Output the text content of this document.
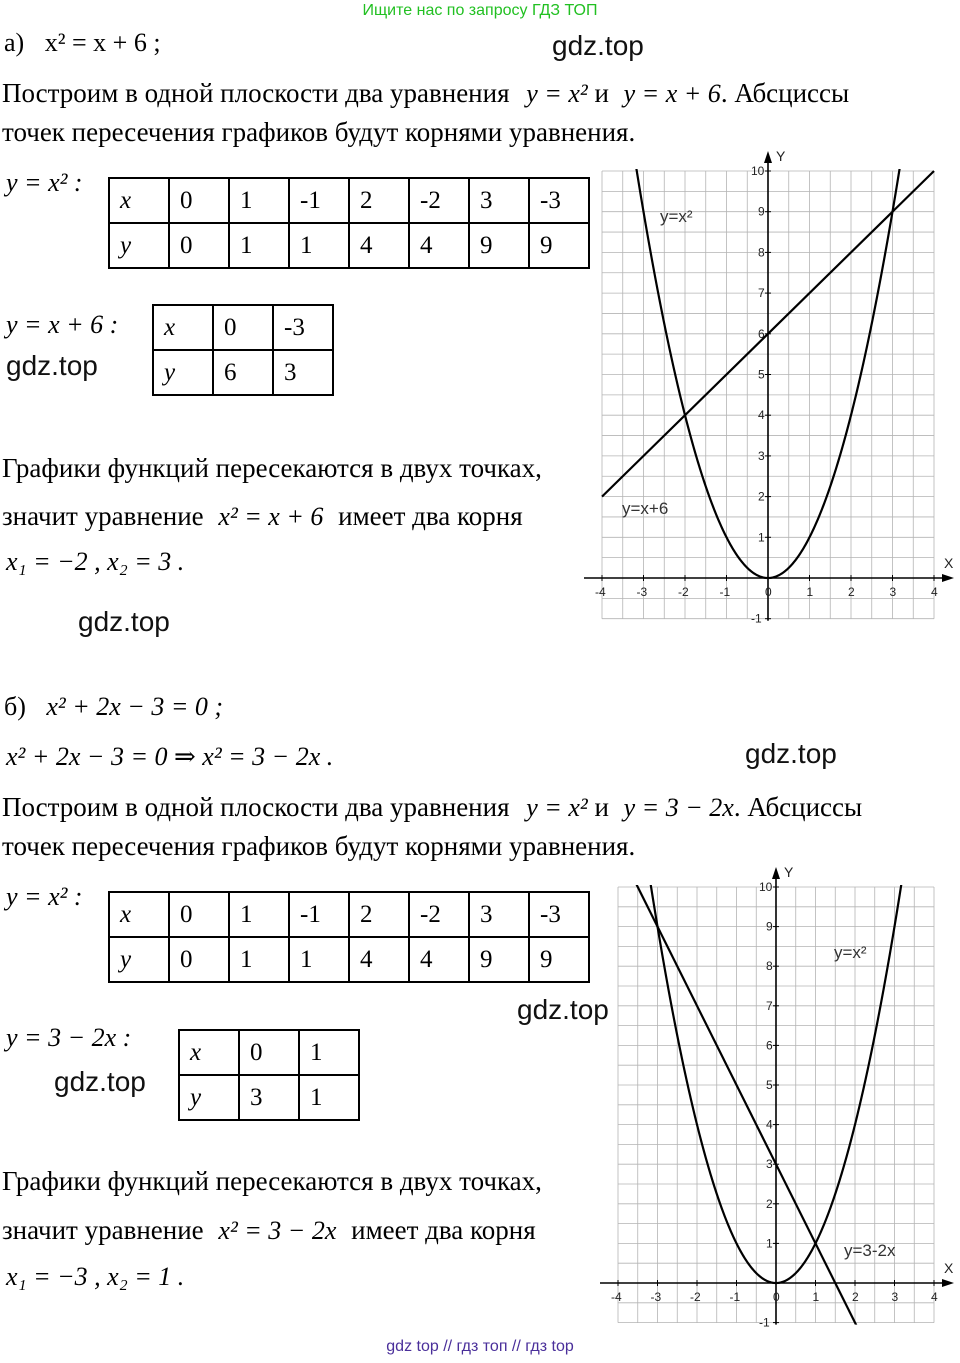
Ищите нас по запросу ГДЗ ТОП
а) x² = x + 6 ;	gdz.top
Построим в одной плоскости два уравнения y = x² и y = x + 6. Абсциссы
точек пересечения графиков будут корнями уравнения.
y = x² :
x	0	1	-1	2	-2	3	-3
y	0	1	1	4	4	9	9
y = x + 6 :
gdz.top
x	0	-3
y	6	3
Графики функций пересекаются в двух точках,
значит уравнение x² = x + 6 имеет два корня
x₁ = −2 , x₂ = 3 .
gdz.top
X
Y
-4	-3	-2	-1	0	1	2	3	4
-1
1
2
3
4
5
6
7
8
9
10
y=x²
y=x+6
б) x² + 2x − 3 = 0 ;
x² + 2x − 3 = 0 ⇒ x² = 3 − 2x .	gdz.top
Построим в одной плоскости два уравнения y = x² и y = 3 − 2x. Абсциссы
точек пересечения графиков будут корнями уравнения.
y = x² :
x	0	1	-1	2	-2	3	-3
y	0	1	1	4	4	9	9
gdz.top
y = 3 − 2x :
gdz.top
x	0	1
y	3	1
Графики функций пересекаются в двух точках,
значит уравнение x² = 3 − 2x имеет два корня
x₁ = −3 , x₂ = 1 .	X
Y
-4 -3 -2 -1	0	1	2	3	4
-1
1
2
3
4
5
6
7
8
9
10
y=x²
y=3-2x
gdz top // гдз топ // гдз top
